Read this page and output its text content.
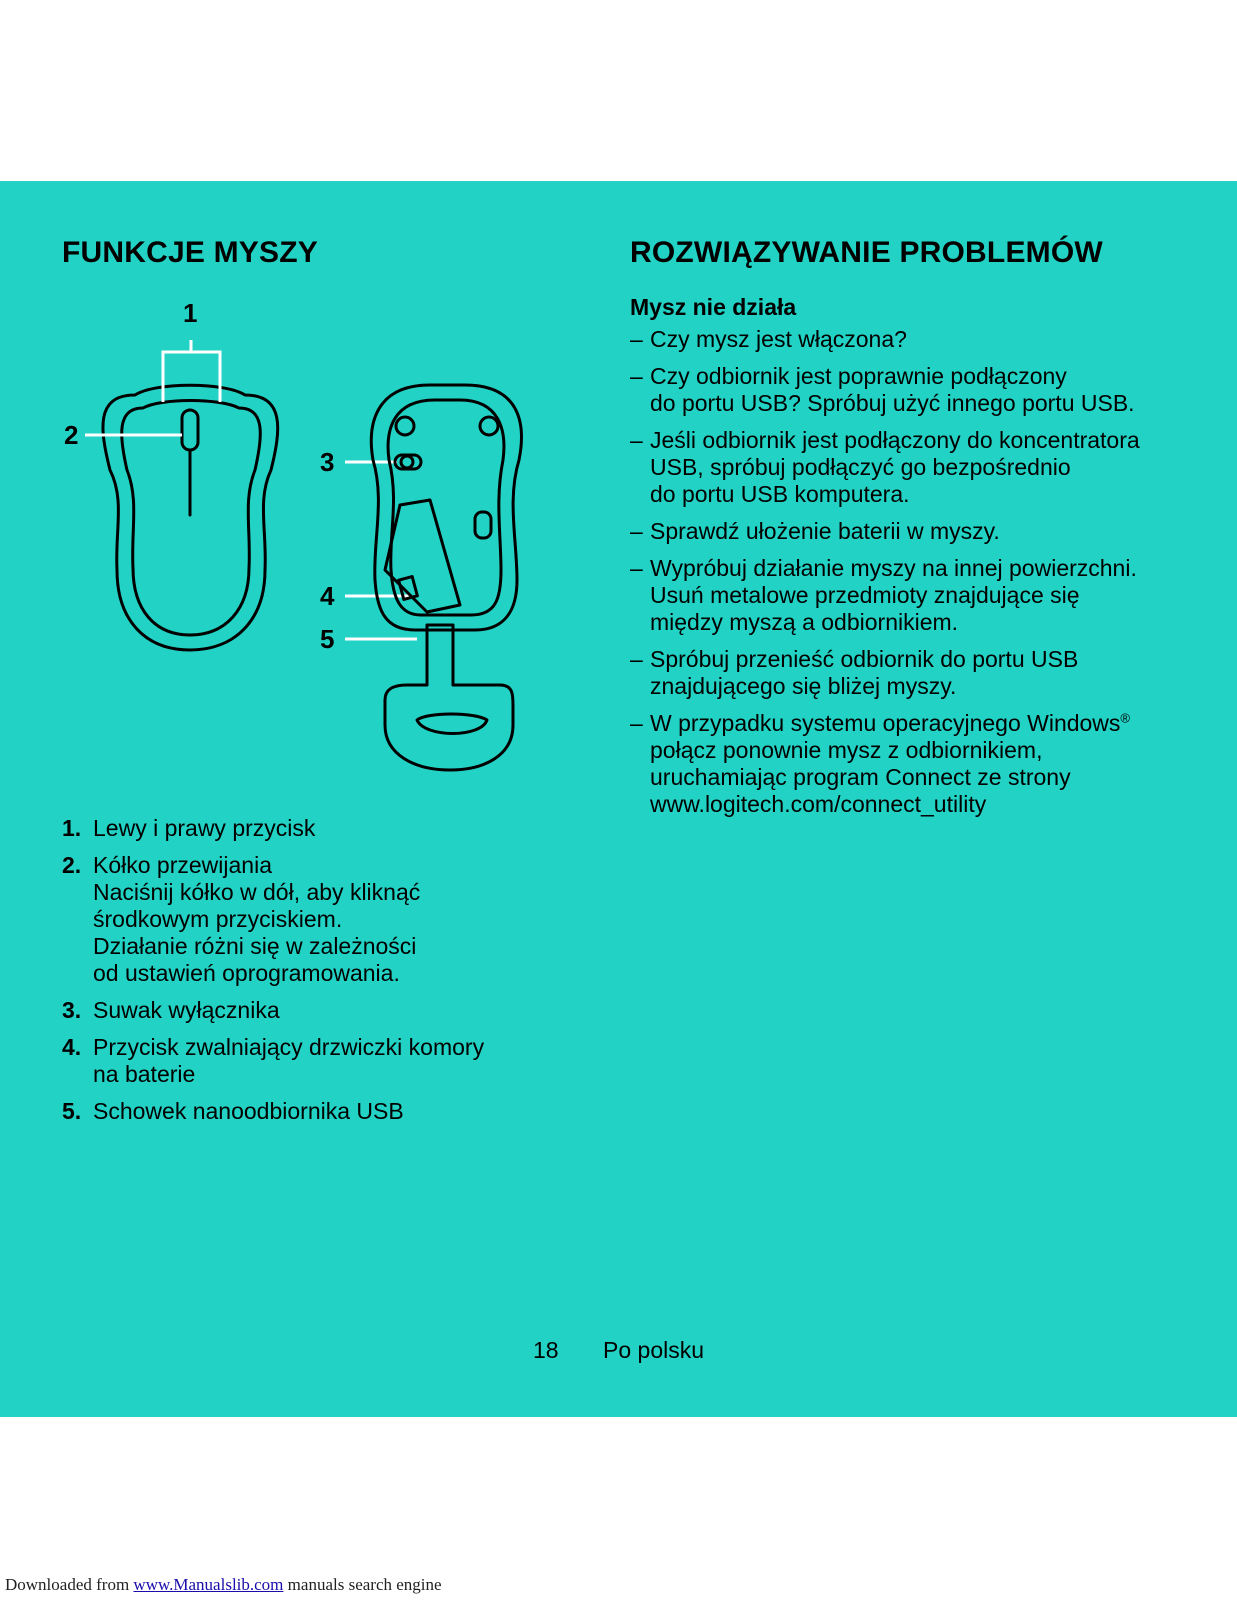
FUNKCJE MYSZY	ROZWIĄZYWANIE PROBLEMÓW
1
2
3
4
5
1. Lewy i prawy przycisk
2. Kółko przewijania
Naciśnij kółko w dół, aby kliknąć
środkowym przyciskiem.
Działanie różni się w zależności
od ustawień oprogramowania.
3. Suwak wyłącznika
4. Przycisk zwalniający drzwiczki komory
na baterie
5. Schowek nanoodbiornika USB
Mysz nie działa
– Czy mysz jest włączona?
– Czy odbiornik jest poprawnie podłączony
do portu USB? Spróbuj użyć innego portu USB.
– Jeśli odbiornik jest podłączony do koncentratora
USB, spróbuj podłączyć go bezpośrednio
do portu USB komputera.
– Sprawdź ułożenie baterii w myszy.
– Wypróbuj działanie myszy na innej powierzchni.
Usuń metalowe przedmioty znajdujące się
między myszą a odbiornikiem.
– Spróbuj przenieść odbiornik do portu USB
znajdującego się bliżej myszy.
– W przypadku systemu operacyjnego Windows®
połącz ponownie mysz z odbiornikiem,
uruchamiając program Connect ze strony
www.logitech.com/connect_utility
18 Po polsku
Downloaded from www.Manualslib.com manuals search engine
